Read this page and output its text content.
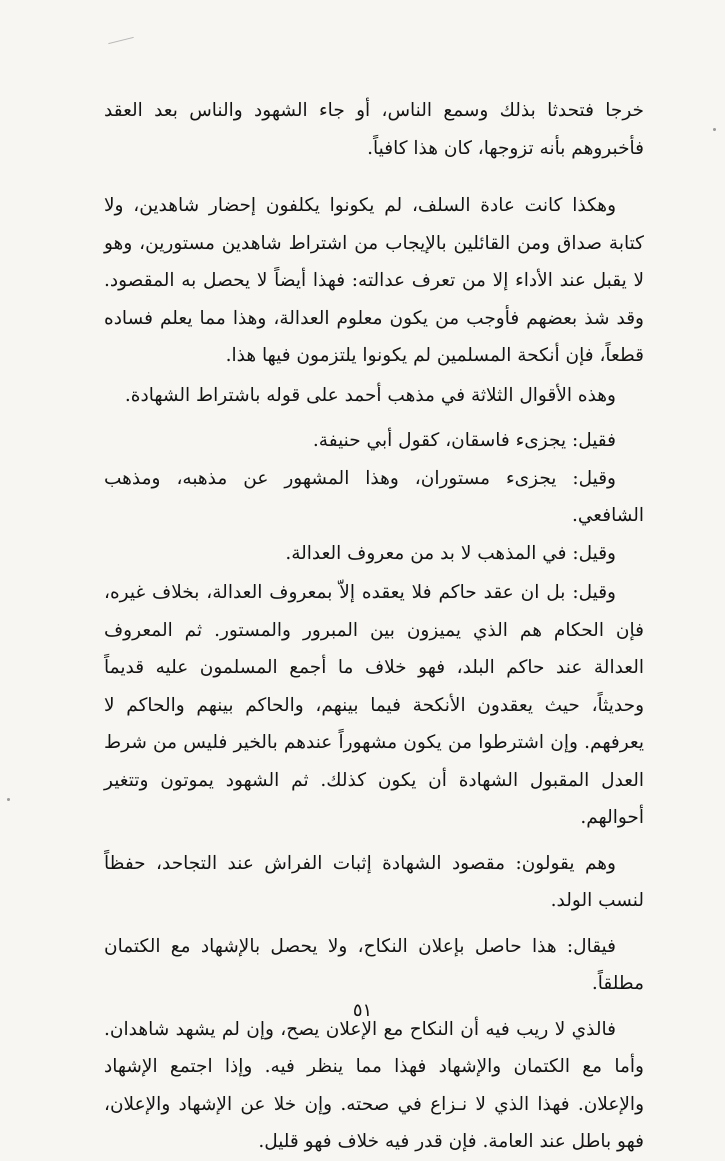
خرجا فتحدثا بذلك وسمع الناس، أو جاء الشهود والناس بعد العقد فأخبروهم بأنه تزوجها، كان هذا كافياً.

وهكذا كانت عادة السلف، لم يكونوا يكلفون إحضار شاهدين، ولا كتابة صداق ومن القائلين بالإيجاب من اشتراط شاهدين مستورين، وهو لا يقبل عند الأداء إلا من تعرف عدالته: فهذا أيضاً لا يحصل به المقصود. وقد شذ بعضهم فأوجب من يكون معلوم العدالة، وهذا مما يعلم فساده قطعاً، فإن أنكحة المسلمين لم يكونوا يلتزمون فيها هذا.

وهذه الأقوال الثلاثة في مذهب أحمد على قوله باشتراط الشهادة.

فقيل: يجزىء فاسقان، كقول أبي حنيفة.

وقيل: يجزىء مستوران، وهذا المشهور عن مذهبه، ومذهب الشافعي.

وقيل: في المذهب لا بد من معروف العدالة.

وقيل: بل ان عقد حاكم فلا يعقده إلاّ بمعروف العدالة، بخلاف غيره، فإن الحكام هم الذي يميزون بين المبرور والمستور. ثم المعروف العدالة عند حاكم البلد، فهو خلاف ما أجمع المسلمون عليه قديماً وحديثاً، حيث يعقدون الأنكحة فيما بينهم، والحاكم بينهم والحاكم لا يعرفهم. وإن اشترطوا من يكون مشهوراً عندهم بالخير فليس من شرط العدل المقبول الشهادة أن يكون كذلك. ثم الشهود يموتون وتتغير أحوالهم.

وهم يقولون: مقصود الشهادة إثبات الفراش عند التجاحد، حفظاً لنسب الولد.

فيقال: هذا حاصل بإعلان النكاح، ولا يحصل بالإشهاد مع الكتمان مطلقاً.

فالذي لا ريب فيه أن النكاح مع الإعلان يصح، وإن لم يشهد شاهدان. وأما مع الكتمان والإشهاد فهذا مما ينظر فيه. وإذا اجتمع الإشهاد والإعلان. فهذا الذي لا نـزاع في صحته. وإن خلا عن الإشهاد والإعلان، فهو باطل عند العامة. فإن قدر فيه خلاف فهو قليل.

٥١
